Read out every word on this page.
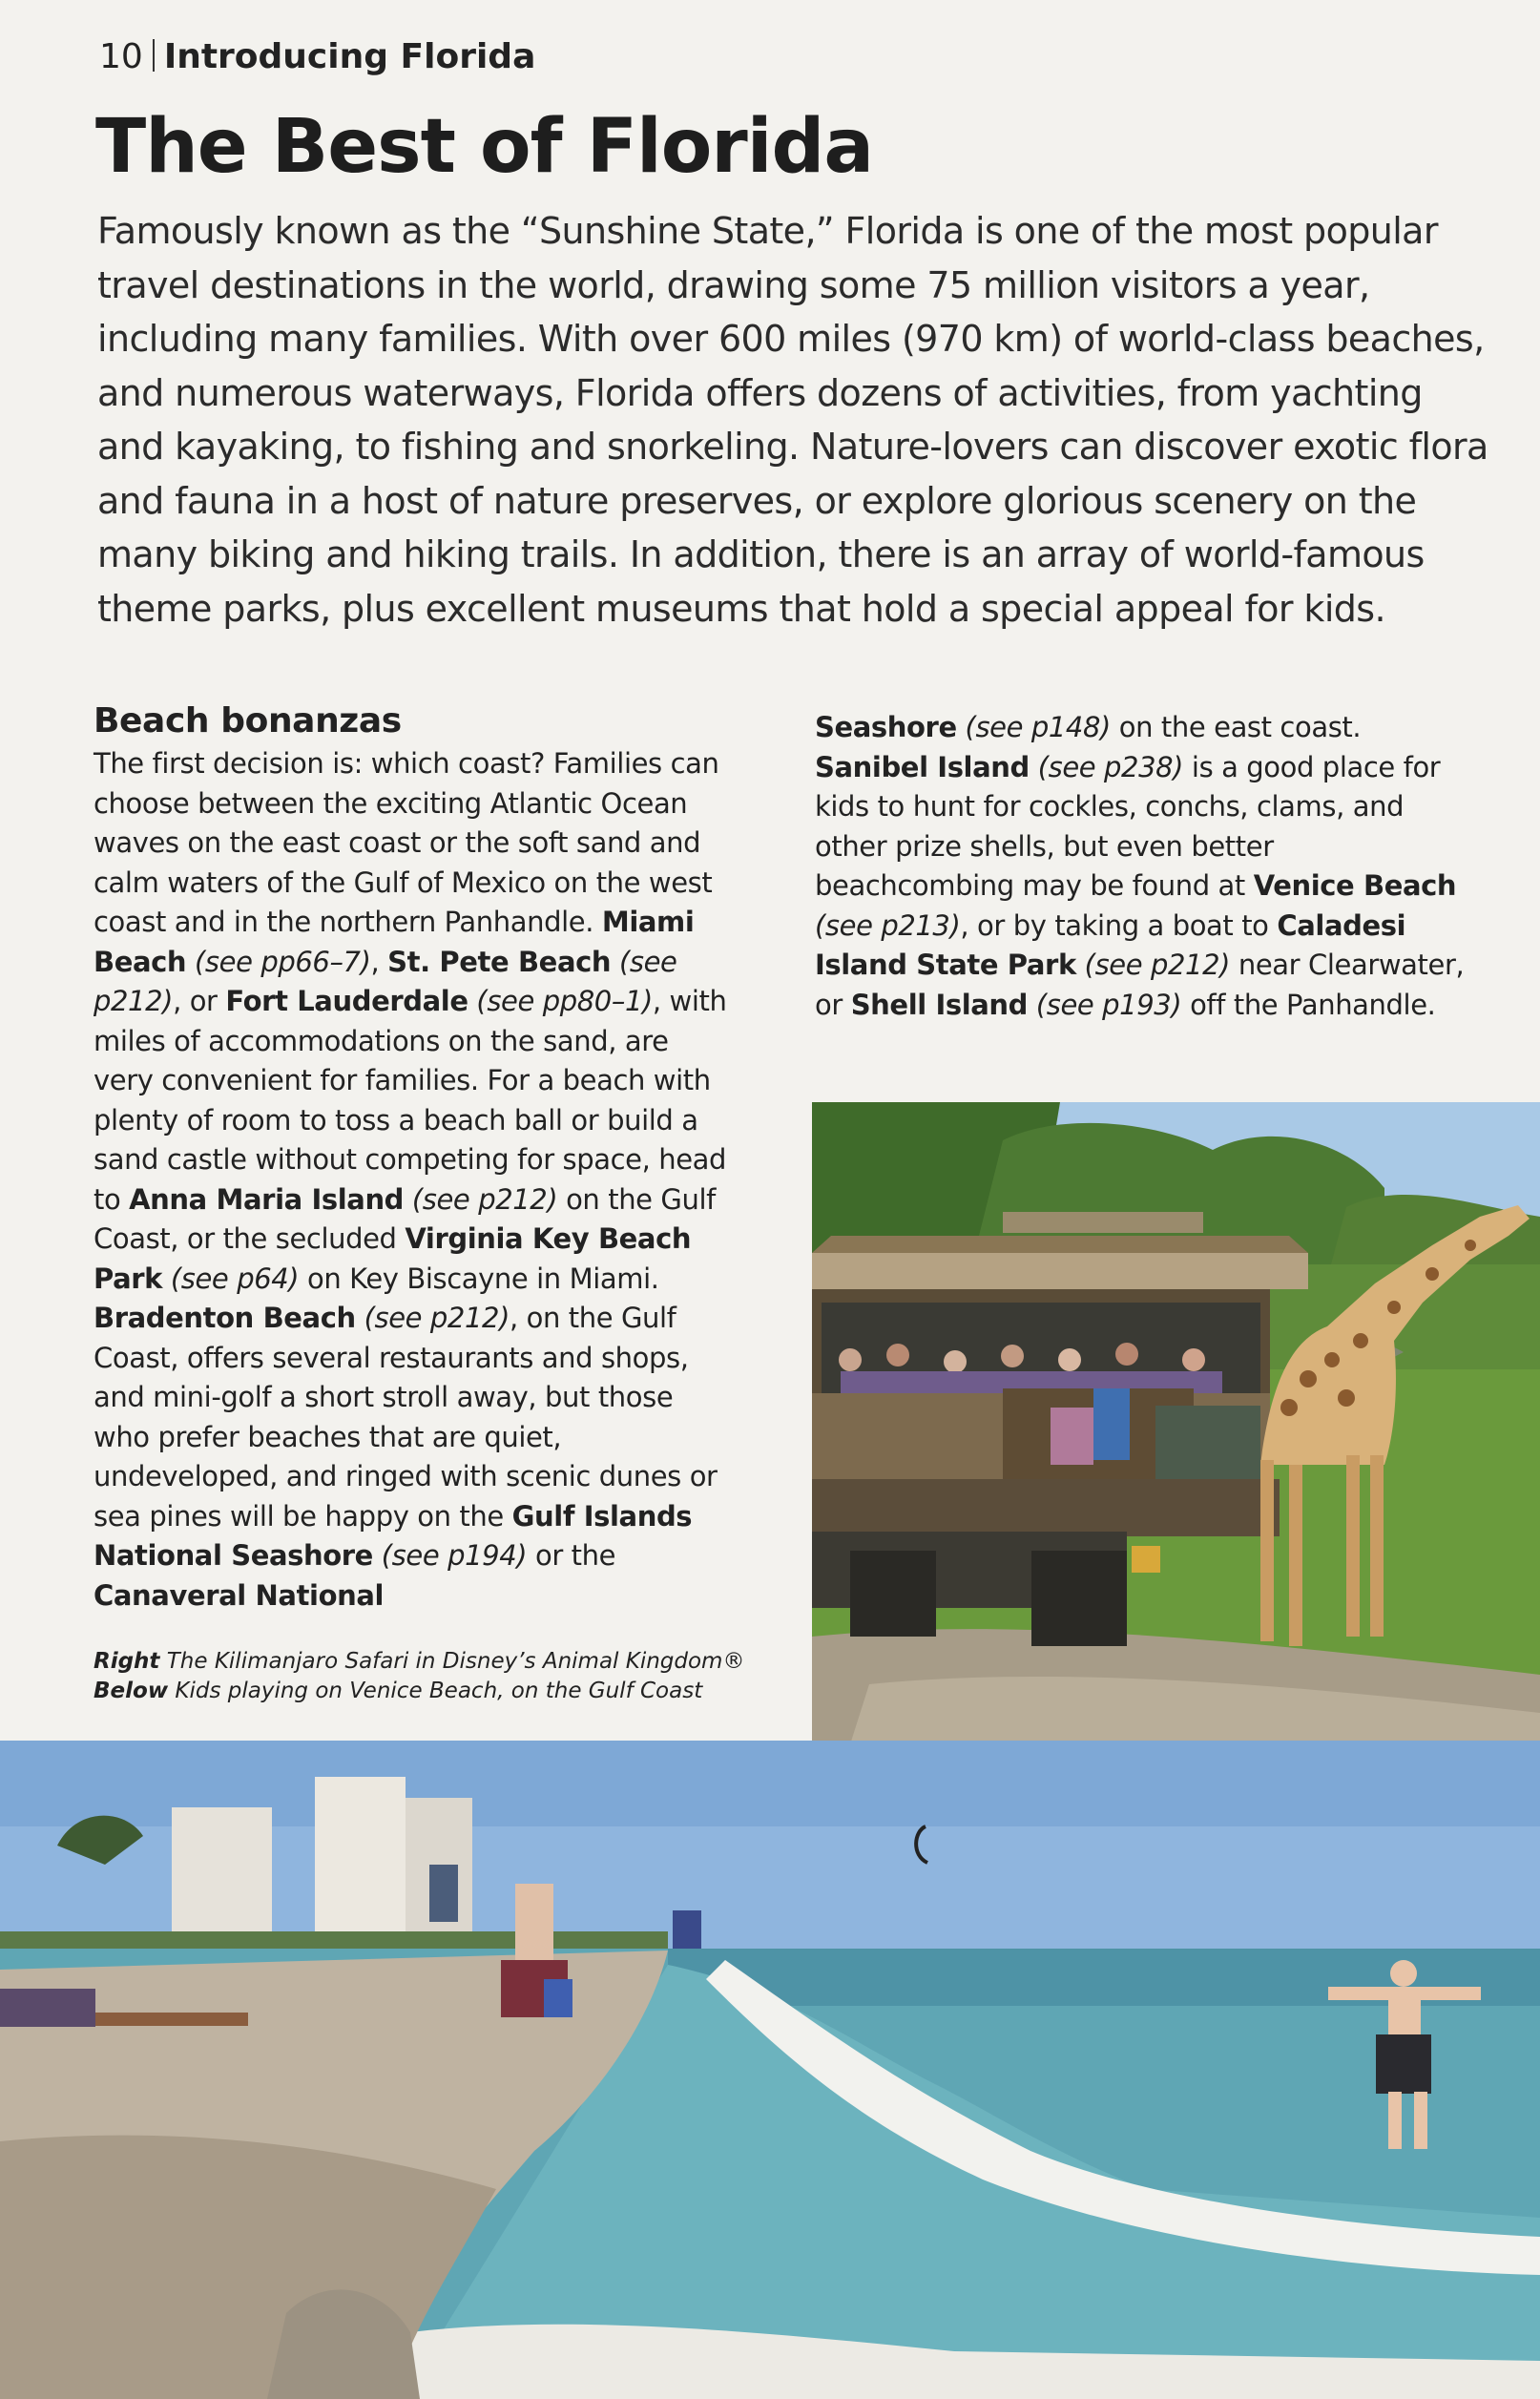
10 Introducing Florida
The Best of Florida

Famously known as the “Sunshine State,” Florida is one of the most popular travel destinations in the world, drawing some 75 million visitors a year, including many families. With over 600 miles (970 km) of world-class beaches, and numerous waterways, Florida offers dozens of activities, from yachting and kayaking, to fishing and snorkeling. Nature-lovers can discover exotic flora and fauna in a host of nature preserves, or explore glorious scenery on the many biking and hiking trails. In addition, there is an array of world-famous theme parks, plus excellent museums that hold a special appeal for kids.

Beach bonanzas

The first decision is: which coast? Families can choose between the exciting Atlantic Ocean waves on the east coast or the soft sand and calm waters of the Gulf of Mexico on the west coast and in the northern Panhandle. Miami Beach (see pp66–7), St. Pete Beach (see p212), or Fort Lauderdale (see pp80–1), with miles of accommodations on the sand, are very convenient for families. For a beach with plenty of room to toss a beach ball or build a sand castle without competing for space, head to Anna Maria Island (see p212) on the Gulf Coast, or the secluded Virginia Key Beach Park (see p64) on Key Biscayne in Miami. Bradenton Beach (see p212), on the Gulf Coast, offers several restaurants and shops, and mini-golf a short stroll away, but those who prefer beaches that are quiet, undeveloped, and ringed with scenic dunes or sea pines will be happy on the Gulf Islands National Seashore (see p194) or the Canaveral National

Seashore (see p148) on the east coast. Sanibel Island (see p238) is a good place for kids to hunt for cockles, conchs, clams, and other prize shells, but even better beachcombing may be found at Venice Beach (see p213), or by taking a boat to Caladesi Island State Park (see p212) near Clearwater, or Shell Island (see p193) off the Panhandle.

Right The Kilimanjaro Safari in Disney’s Animal Kingdom®
Below Kids playing on Venice Beach, on the Gulf Coast
